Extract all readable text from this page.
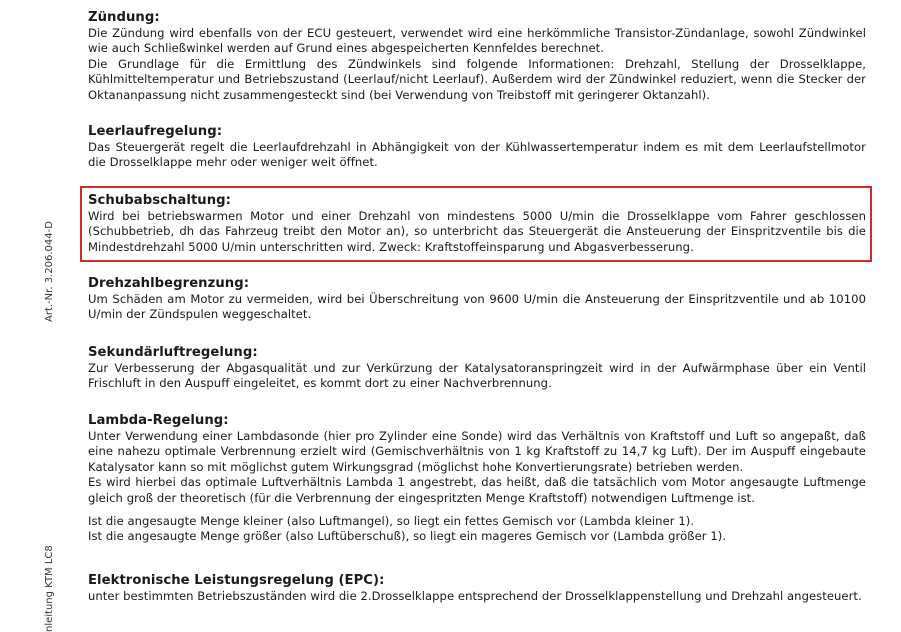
Art.-Nr. 3.206.044-D
nleitung KTM LC8
Zündung:

Die Zündung wird ebenfalls von der ECU gesteuert, verwendet wird eine herkömmliche Transistor-Zündanlage, sowohl Zündwinkel wie auch Schließwinkel werden auf Grund eines abgespeicherten Kennfeldes berechnet.

Die Grundlage für die Ermittlung des Zündwinkels sind folgende Informationen: Drehzahl, Stellung der Drosselklappe, Kühlmitteltemperatur und Betriebszustand (Leerlauf/nicht Leerlauf). Außerdem wird der Zündwinkel reduziert, wenn die Stecker der Oktananpassung nicht zusammengesteckt sind (bei Verwendung von Treibstoff mit geringerer Oktanzahl).

Leerlaufregelung:

Das Steuergerät regelt die Leerlaufdrehzahl in Abhängigkeit von der Kühlwassertemperatur indem es mit dem Leerlaufstellmotor die Drosselklappe mehr oder weniger weit öffnet.

Schubabschaltung:

Wird bei betriebswarmen Motor und einer Drehzahl von mindestens 5000 U/min die Drosselklappe vom Fahrer geschlossen (Schubbetrieb, dh das Fahrzeug treibt den Motor an), so unterbricht das Steuergerät die Ansteuerung der Einspritzventile bis die Mindestdrehzahl 5000 U/min unterschritten wird. Zweck: Kraftstoffeinsparung und Abgasverbesserung.

Drehzahlbegrenzung:

Um Schäden am Motor zu vermeiden, wird bei Überschreitung von 9600 U/min die Ansteuerung der Einspritzventile und ab 10100 U/min der Zündspulen weggeschaltet.

Sekundärluftregelung:

Zur Verbesserung der Abgasqualität und zur Verkürzung der Katalysatoranspringzeit wird in der Aufwärmphase über ein Ventil Frischluft in den Auspuff eingeleitet, es kommt dort zu einer Nachverbrennung.

Lambda-Regelung:

Unter Verwendung einer Lambdasonde (hier pro Zylinder eine Sonde) wird das Verhältnis von Kraftstoff und Luft so angepaßt, daß eine nahezu optimale Verbrennung erzielt wird (Gemischverhältnis von 1 kg Kraftstoff zu 14,7 kg Luft). Der im Auspuff eingebaute Katalysator kann so mit möglichst gutem Wirkungsgrad (möglichst hohe Konvertierungsrate) betrieben werden.

Es wird hierbei das optimale Luftverhältnis Lambda 1 angestrebt, das heißt, daß die tatsächlich vom Motor angesaugte Luftmenge gleich groß der theoretisch (für die Verbrennung der eingespritzten Menge Kraftstoff) notwendigen Luftmenge ist.

Ist die angesaugte Menge kleiner (also Luftmangel), so liegt ein fettes Gemisch vor (Lambda kleiner 1).

Ist die angesaugte Menge größer (also Luftüberschuß), so liegt ein mageres Gemisch vor (Lambda größer 1).

Elektronische Leistungsregelung (EPC):

unter bestimmten Betriebszuständen wird die 2.Drosselklappe entsprechend der Drosselklappenstellung und Drehzahl angesteuert.
